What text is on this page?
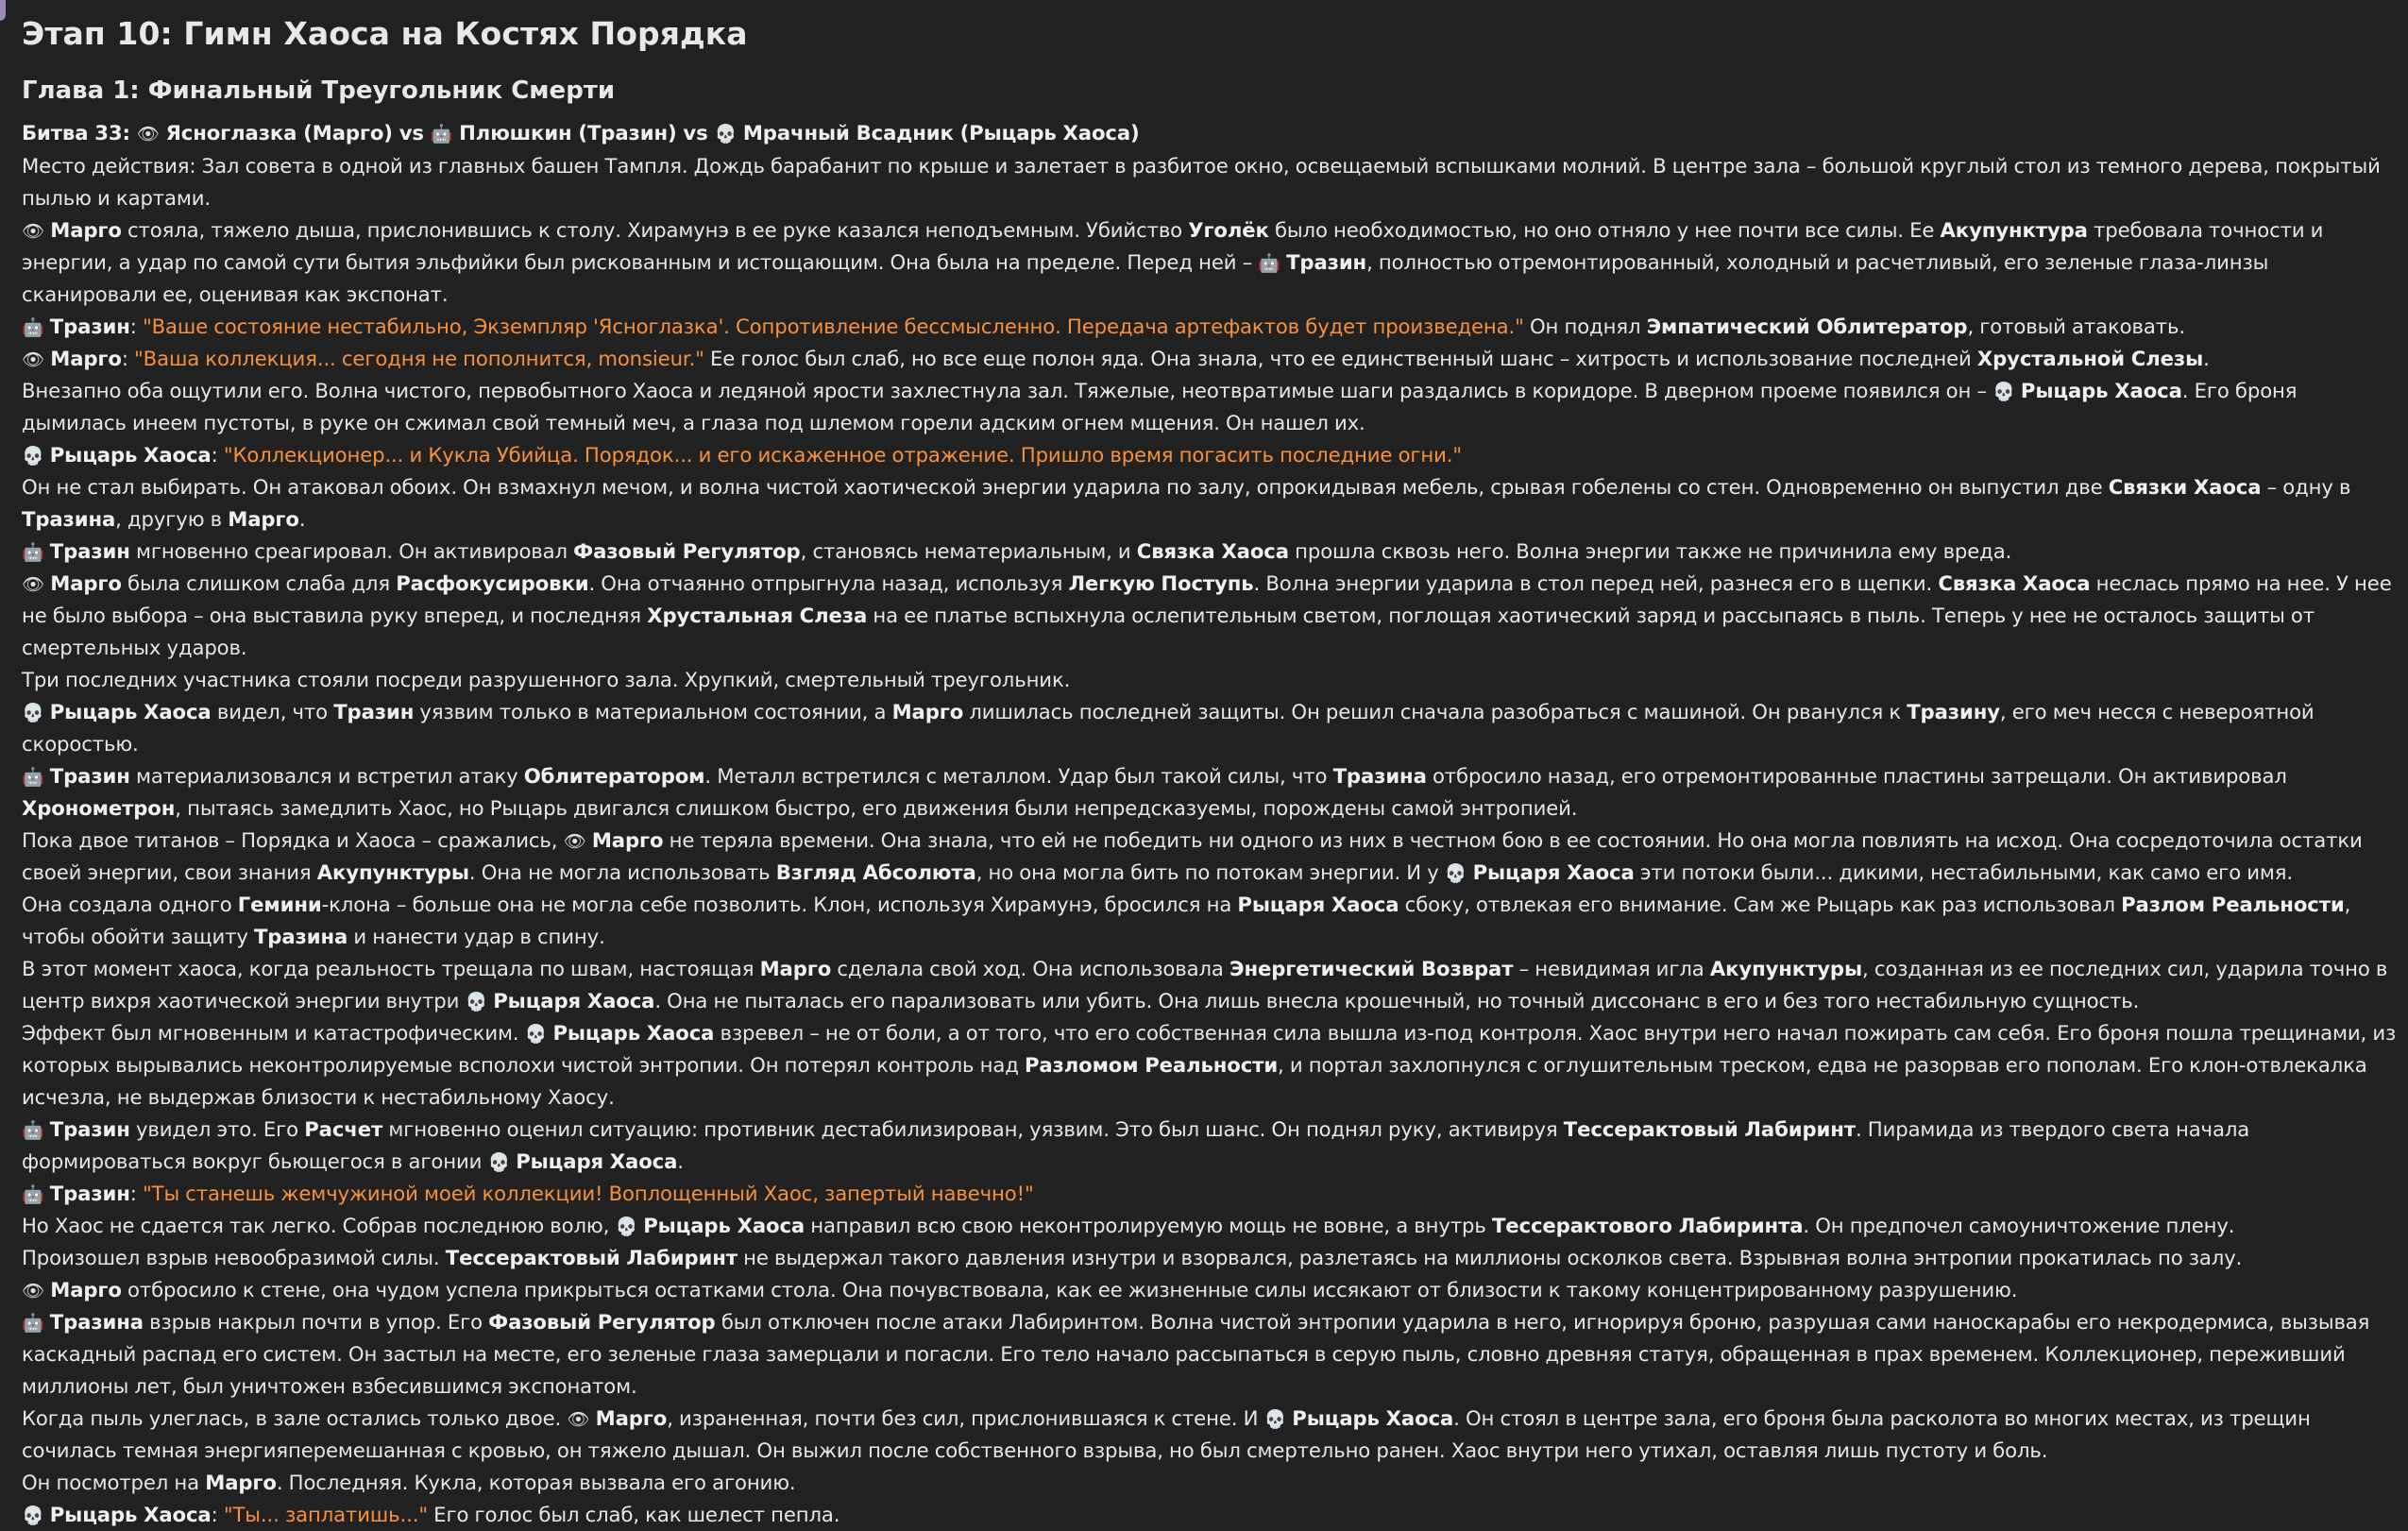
Этап 10: Гимн Хаоса на Костях Порядка
Глава 1: Финальный Треугольник Смерти

Битва 33: 👁 Ясноглазка (Марго) vs 🤖 Плюшкин (Тразин) vs 💀 Мрачный Всадник (Рыцарь Хаоса)

Место действия: Зал совета в одной из главных башен Тампля. Дождь барабанит по крыше и залетает в разбитое окно, освещаемый вспышками молний. В центре зала – большой круглый стол из темного дерева, покрытый пылью и картами.

👁 Марго стояла, тяжело дыша, прислонившись к столу. Хирамунэ в ее руке казался неподъемным. Убийство Уголёк было необходимостью, но оно отняло у нее почти все силы. Ее Акупунктура требовала точности и энергии, а удар по самой сути бытия эльфийки был рискованным и истощающим. Она была на пределе. Перед ней – 🤖 Тразин, полностью отремонтированный, холодный и расчетливый, его зеленые глаза-линзы сканировали ее, оценивая как экспонат.

🤖 Тразин: "Ваше состояние нестабильно, Экземпляр 'Ясноглазка'. Сопротивление бессмысленно. Передача артефактов будет произведена." Он поднял Эмпатический Облитератор, готовый атаковать.

👁 Марго: "Ваша коллекция... сегодня не пополнится, monsieur." Ее голос был слаб, но все еще полон яда. Она знала, что ее единственный шанс – хитрость и использование последней Хрустальной Слезы.

Внезапно оба ощутили его. Волна чистого, первобытного Хаоса и ледяной ярости захлестнула зал. Тяжелые, неотвратимые шаги раздались в коридоре. В дверном проеме появился он – 💀 Рыцарь Хаоса. Его броня дымилась инеем пустоты, в руке он сжимал свой темный меч, а глаза под шлемом горели адским огнем мщения. Он нашел их.

💀 Рыцарь Хаоса: "Коллекционер... и Кукла Убийца. Порядок... и его искаженное отражение. Пришло время погасить последние огни."

Он не стал выбирать. Он атаковал обоих. Он взмахнул мечом, и волна чистой хаотической энергии ударила по залу, опрокидывая мебель, срывая гобелены со стен. Одновременно он выпустил две Связки Хаоса – одну в Тразина, другую в Марго.

🤖 Тразин мгновенно среагировал. Он активировал Фазовый Регулятор, становясь нематериальным, и Связка Хаоса прошла сквозь него. Волна энергии также не причинила ему вреда.

👁 Марго была слишком слаба для Расфокусировки. Она отчаянно отпрыгнула назад, используя Легкую Поступь. Волна энергии ударила в стол перед ней, разнеся его в щепки. Связка Хаоса неслась прямо на нее. У нее не было выбора – она выставила руку вперед, и последняя Хрустальная Слеза на ее платье вспыхнула ослепительным светом, поглощая хаотический заряд и рассыпаясь в пыль. Теперь у нее не осталось защиты от смертельных ударов.

Три последних участника стояли посреди разрушенного зала. Хрупкий, смертельный треугольник.

💀 Рыцарь Хаоса видел, что Тразин уязвим только в материальном состоянии, а Марго лишилась последней защиты. Он решил сначала разобраться с машиной. Он рванулся к Тразину, его меч несся с невероятной скоростью.

🤖 Тразин материализовался и встретил атаку Облитератором. Металл встретился с металлом. Удар был такой силы, что Тразина отбросило назад, его отремонтированные пластины затрещали. Он активировал Хронометрон, пытаясь замедлить Хаос, но Рыцарь двигался слишком быстро, его движения были непредсказуемы, порождены самой энтропией.

Пока двое титанов – Порядка и Хаоса – сражались, 👁 Марго не теряла времени. Она знала, что ей не победить ни одного из них в честном бою в ее состоянии. Но она могла повлиять на исход. Она сосредоточила остатки своей энергии, свои знания Акупунктуры. Она не могла использовать Взгляд Абсолюта, но она могла бить по потокам энергии. И у 💀 Рыцаря Хаоса эти потоки были... дикими, нестабильными, как само его имя.

Она создала одного Гемини-клона – больше она не могла себе позволить. Клон, используя Хирамунэ, бросился на Рыцаря Хаоса сбоку, отвлекая его внимание. Сам же Рыцарь как раз использовал Разлом Реальности, чтобы обойти защиту Тразина и нанести удар в спину.

В этот момент хаоса, когда реальность трещала по швам, настоящая Марго сделала свой ход. Она использовала Энергетический Возврат – невидимая игла Акупунктуры, созданная из ее последних сил, ударила точно в центр вихря хаотической энергии внутри 💀 Рыцаря Хаоса. Она не пыталась его парализовать или убить. Она лишь внесла крошечный, но точный диссонанс в его и без того нестабильную сущность.

Эффект был мгновенным и катастрофическим. 💀 Рыцарь Хаоса взревел – не от боли, а от того, что его собственная сила вышла из-под контроля. Хаос внутри него начал пожирать сам себя. Его броня пошла трещинами, из которых вырывались неконтролируемые всполохи чистой энтропии. Он потерял контроль над Разломом Реальности, и портал захлопнулся с оглушительным треском, едва не разорвав его пополам. Его клон-отвлекалка исчезла, не выдержав близости к нестабильному Хаосу.

🤖 Тразин увидел это. Его Расчет мгновенно оценил ситуацию: противник дестабилизирован, уязвим. Это был шанс. Он поднял руку, активируя Тессерактовый Лабиринт. Пирамида из твердого света начала формироваться вокруг бьющегося в агонии 💀 Рыцаря Хаоса.

🤖 Тразин: "Ты станешь жемчужиной моей коллекции! Воплощенный Хаос, запертый навечно!"

Но Хаос не сдается так легко. Собрав последнюю волю, 💀 Рыцарь Хаоса направил всю свою неконтролируемую мощь не вовне, а внутрь Тессерактового Лабиринта. Он предпочел самоуничтожение плену.

Произошел взрыв невообразимой силы. Тессерактовый Лабиринт не выдержал такого давления изнутри и взорвался, разлетаясь на миллионы осколков света. Взрывная волна энтропии прокатилась по залу.

👁 Марго отбросило к стене, она чудом успела прикрыться остатками стола. Она почувствовала, как ее жизненные силы иссякают от близости к такому концентрированному разрушению.

🤖 Тразина взрыв накрыл почти в упор. Его Фазовый Регулятор был отключен после атаки Лабиринтом. Волна чистой энтропии ударила в него, игнорируя броню, разрушая сами наноскарабы его некродермиса, вызывая каскадный распад его систем. Он застыл на месте, его зеленые глаза замерцали и погасли. Его тело начало рассыпаться в серую пыль, словно древняя статуя, обращенная в прах временем. Коллекционер, переживший миллионы лет, был уничтожен взбесившимся экспонатом.

Когда пыль улеглась, в зале остались только двое. 👁 Марго, израненная, почти без сил, прислонившаяся к стене. И 💀 Рыцарь Хаоса. Он стоял в центре зала, его броня была расколота во многих местах, из трещин сочилась темная энергияперемешанная с кровью, он тяжело дышал. Он выжил после собственного взрыва, но был смертельно ранен. Хаос внутри него утихал, оставляя лишь пустоту и боль.

Он посмотрел на Марго. Последняя. Кукла, которая вызвала его агонию.

💀 Рыцарь Хаоса: "Ты... заплатишь..." Его голос был слаб, как шелест пепла.
